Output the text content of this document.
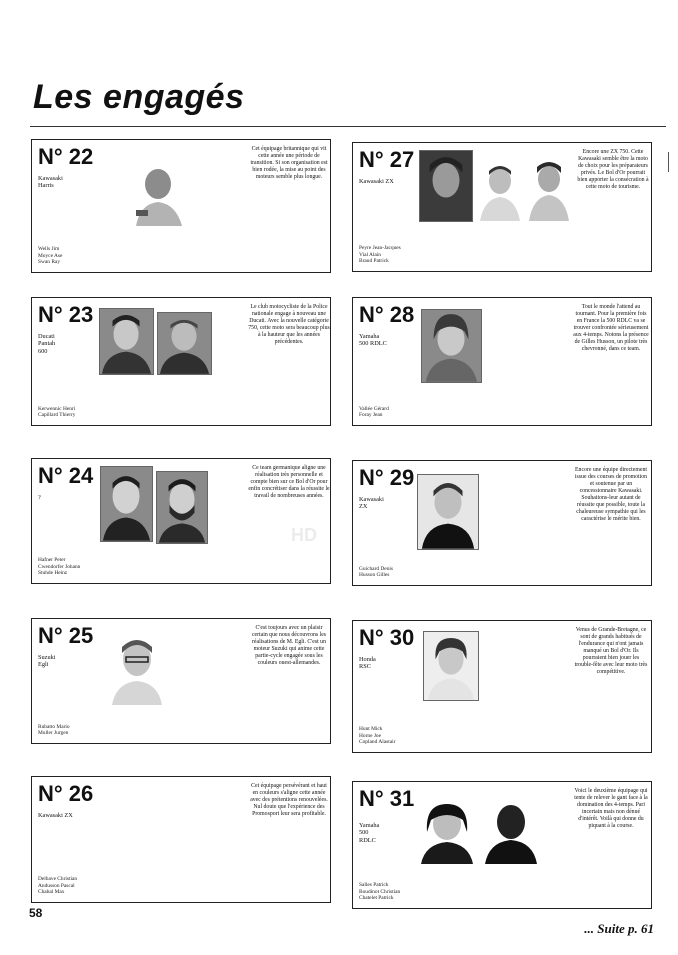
Les engagés
N° 22
Kawasaki
Harris
Cet équipage britannique qui vit cette année une période de transition. Si son organisation est bien rodée, la mise au point des moteurs semble plus longue.
Wells Jim
Moyce Ase
Swan Ray
N° 27
Kawasaki ZX
Encore une ZX 750. Cette Kawasaki semble être la moto de choix pour les préparateurs privés. Le Bol d'Or pourrait bien apporter la consécration à cette moto de tourisme.
Peyre Jean-Jacques
Vial Alain
Braud Patrick
N° 23
Ducati
Pantah
600
Le club motocycliste de la Police nationale engage à nouveau une Ducati. Avec la nouvelle catégorie 750, cette moto sera beaucoup plus à la hauteur que les années précédentes.
Kerwennic Henri
Capillard Thierry
N° 28
Yamaha
500 RDLC
Tout le monde l'attend au tournant. Pour la première fois en France la 500 RDLC va se trouver confrontée sérieusement aux 4-temps. Notons la présence de Gilles Husson, un pilote très chevronné, dans ce team.
Vallée Gérard
Foray Jean
N° 24
?
Ce team germanique aligne une réalisation très personnelle et compte bien sur ce Bol d'Or pour enfin concrétiser dans la réussite le travail de nombreuses années.
Hafner Peter
Cwendorfer Johann
Stuhde Heinz
N° 29
Kawasaki
ZX
Encore une équipe directement issue des courses de promotion et soutenue par un concessionnaire Kawasaki. Souhaitons-leur autant de réussite que possible, toute la chaleureuse sympathie qui les caractérise le mérite bien.
Guichard Denis
Husson Gilles
HD
N° 25
Suzuki
Egli
C'est toujours avec un plaisir certain que nous découvrons les réalisations de M. Egli. C'est un moteur Suzuki qui anime cette partie-cycle engagée sous les couleurs ouest-allemandes.
Rubatto Mario
Muller Jurgen
N° 30
Honda
RSC
Venus de Grande-Bretagne, ce sont de grands habitués de l'endurance qui n'ont jamais manqué un Bol d'Or. Ils pourraient bien jouer les trouble-fête avec leur moto très compétitive.
Hunt Mick
Horne Joe
Copland Alastair
N° 26
Kawasaki ZX
Cet équipage persévérant et haut en couleurs s'aligne cette année avec des prétentions renouvelées. Nul doute que l'expérience des Promosport leur sera profitable.
Delbave Christian
Andusson Pascal
Chabal Max
N° 31
Yamaha
500
RDLC
Voici le deuxième équipage qui tente de relever le gant face à la domination des 4-temps. Pari incertain mais non dénué d'intérêt. Voilà qui donne du piquant à la course.
Salles Patrick
Boudinot Christian
Chatelet Patrick
58
... Suite p. 61
